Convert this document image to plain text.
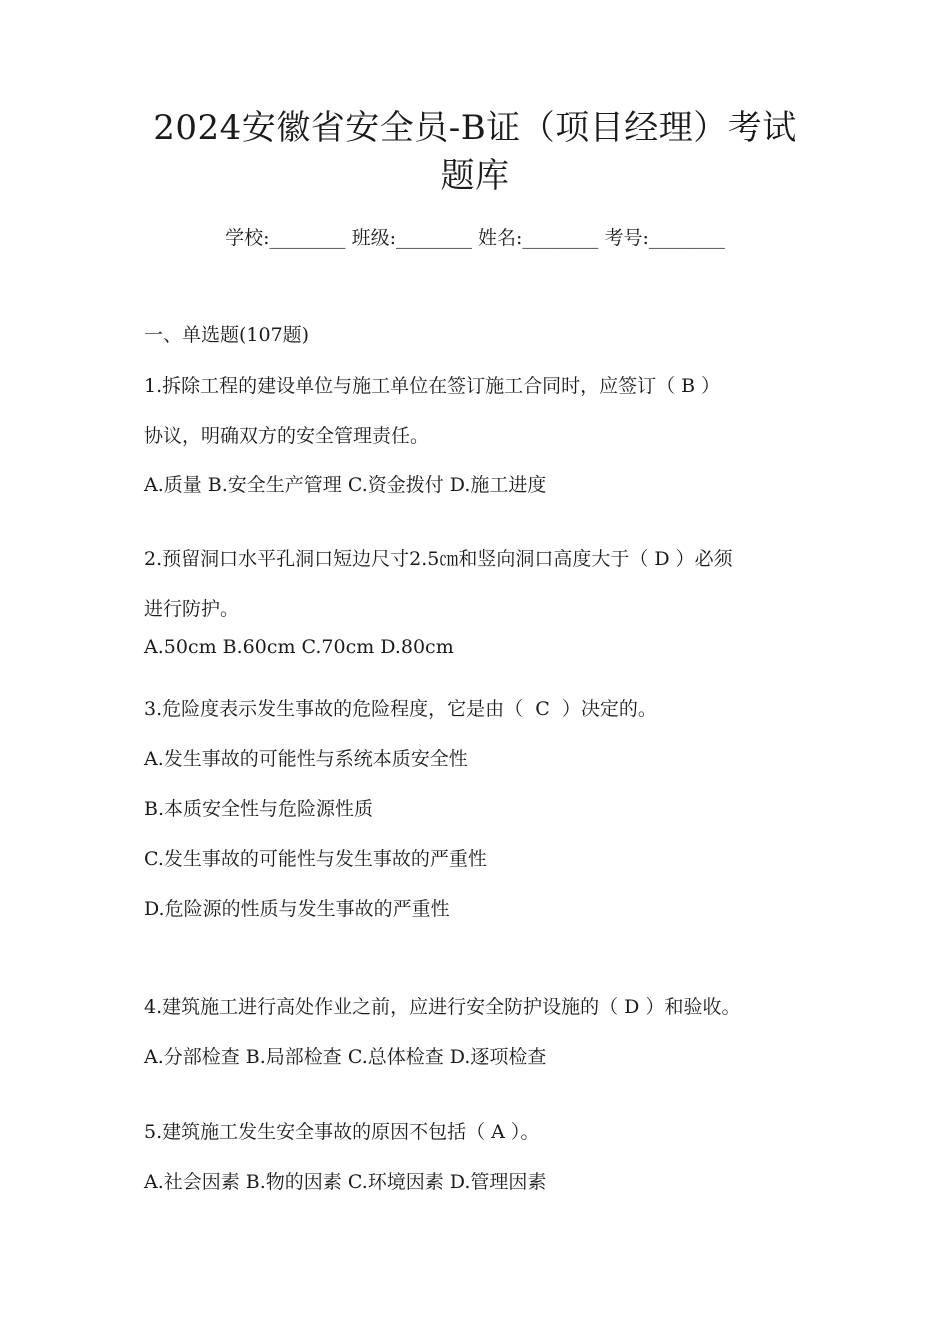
2024安徽省安全员-B证（项目经理）考试
题库
学校:________ 班级:________ 姓名:________ 考号:________
一、单选题(107题)
1.拆除工程的建设单位与施工单位在签订施工合同时，应签订（ B ）
协议，明确双方的安全管理责任。
A.质量 B.安全生产管理 C.资金拨付 D.施工进度
2.预留洞口水平孔洞口短边尺寸2.5㎝和竖向洞口高度大于（ D ）必须
进行防护。
A.50cm B.60cm C.70cm D.80cm
3.危险度表示发生事故的危险程度，它是由（  C  ）决定的。
A.发生事故的可能性与系统本质安全性
B.本质安全性与危险源性质
C.发生事故的可能性与发生事故的严重性
D.危险源的性质与发生事故的严重性
4.建筑施工进行高处作业之前，应进行安全防护设施的（ D ）和验收。
A.分部检查 B.局部检查 C.总体检查 D.逐项检查
5.建筑施工发生安全事故的原因不包括（ A ）。
A.社会因素 B.物的因素 C.环境因素 D.管理因素
